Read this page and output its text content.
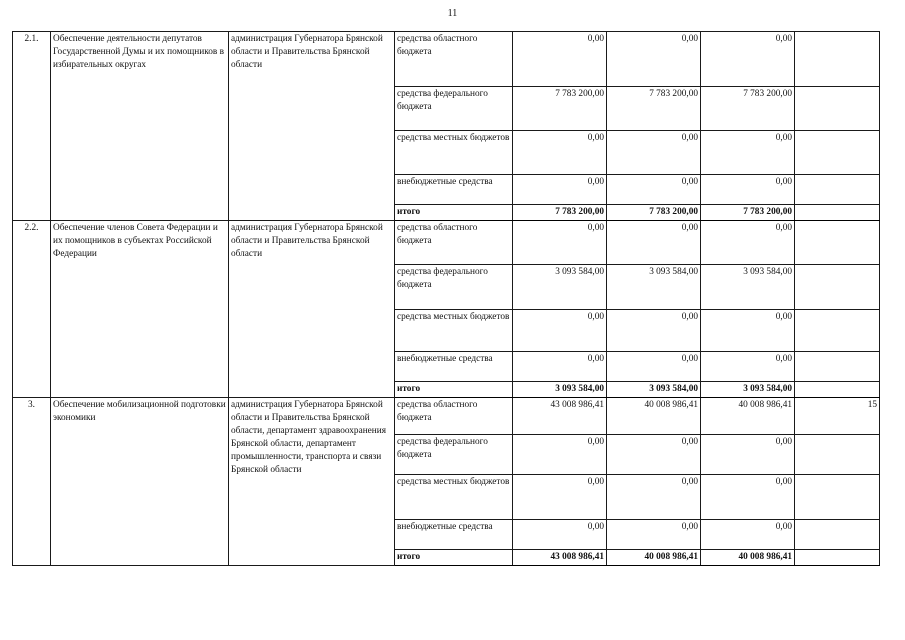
11
2.1.	Обеспечение деятельности депутатов Государственной Думы и их помощников в избирательных округах	администрация Губернатора Брянской области и Правительства Брянской области	средства областного бюджета	0,00	0,00	0,00	
			средства федерального бюджета	7 783 200,00	7 783 200,00	7 783 200,00	
			средства местных бюджетов	0,00	0,00	0,00	
			внебюджетные средства	0,00	0,00	0,00	
			итого	7 783 200,00	7 783 200,00	7 783 200,00	
2.2.	Обеспечение членов Совета Федерации и их помощников в субъектах Российской Федерации	администрация Губернатора Брянской области и Правительства Брянской области	средства областного бюджета	0,00	0,00	0,00	
			средства федерального бюджета	3 093 584,00	3 093 584,00	3 093 584,00	
			средства местных бюджетов	0,00	0,00	0,00	
			внебюджетные средства	0,00	0,00	0,00	
			итого	3 093 584,00	3 093 584,00	3 093 584,00	
3.	Обеспечение мобилизационной подготовки экономики	администрация Губернатора Брянской области и Правительства Брянской области, департамент здравоохранения Брянской области, департамент промышленности, транспорта и связи Брянской области	средства областного бюджета	43 008 986,41	40 008 986,41	40 008 986,41	15
			средства федерального бюджета	0,00	0,00	0,00	
			средства местных бюджетов	0,00	0,00	0,00	
			внебюджетные средства	0,00	0,00	0,00	
			итого	43 008 986,41	40 008 986,41	40 008 986,41	
